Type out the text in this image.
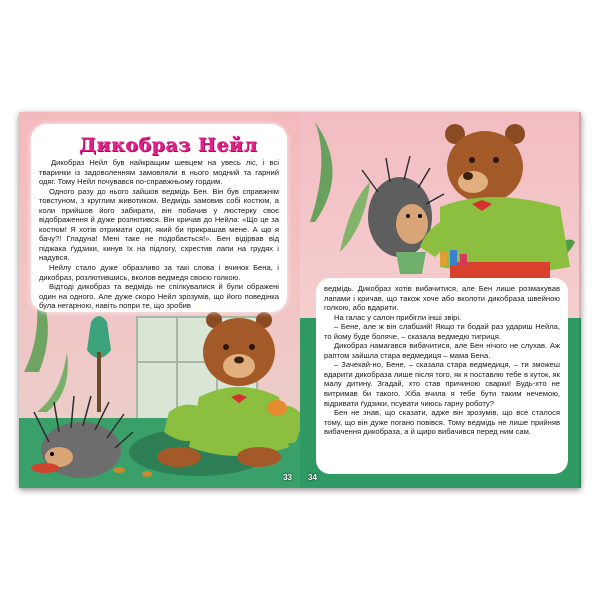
Дикобраз Нейл

Дикобраз Нейл був найкращим шевцем на увесь ліс, і всі тваринки із задоволенням замовляли в нього модний та гарний одяг. Тому Нейл почувався по-справжньому гордим.

Одного разу до нього зайшов ведмідь Бен. Він був справжнім товстуном, з круглим животиком. Ведмідь замовив собі костюм, а коли прийшов його забирати, він побачив у люстерку своє відображення й дуже розлютився. Він кричав до Нейла: «Що це за костюм! Я хотів отримати одяг, який би прикрашав мене. А що я бачу?! Гладуна! Мені таке не подобається!». Бен відірвав від піджака ґудзики, кинув їх на підлогу, схрестив лапи на грудях і надувся.

Нейлу стало дуже образливо за такі слова і вчинок Бена, і дикобраз, розлютившись, вколов ведмедя своєю голкою.

Відтоді дикобраз та ведмідь не спілкувалися й були ображені один на одного. Але дуже скоро Нейл зрозумів, що його поведінка була негарною, навіть попри те, що зробив

33

ведмідь. Дикобраз хотів вибачитися, але Бен лише розмахував лапами і кричав, що також хоче або вколоти дикобраза швейною голкою, або вдарити.

На галас у салон прибігли інші звірі.

– Бене, але ж він слабший! Якщо ти бодай раз удариш Нейла, то йому буде боляче, – сказала ведмедю тигриця.

Дикобраз намагався вибачитися, але Бен нічого не слухав. Аж раптом зайшла стара ведмедиця – мама Бена.

– Зачекай-но, Бене, – сказала стара ведмедиця, – ти зможеш вдарити дикобраза лише після того, як я поставлю тебе в куток, як малу дитину. Згадай, хто став причиною сварки! Будь-хто не витримав би такого. Хіба вчила я тебе бути таким нечемою, відривати ґудзики, псувати чиюсь гарну роботу?

Бен не знав, що сказати, адже він зрозумів, що все сталося тому, що він дуже погано повівся. Тому ведмідь не лише прийняв вибачення дикобраза, а й щиро вибачився перед ним сам.

34
